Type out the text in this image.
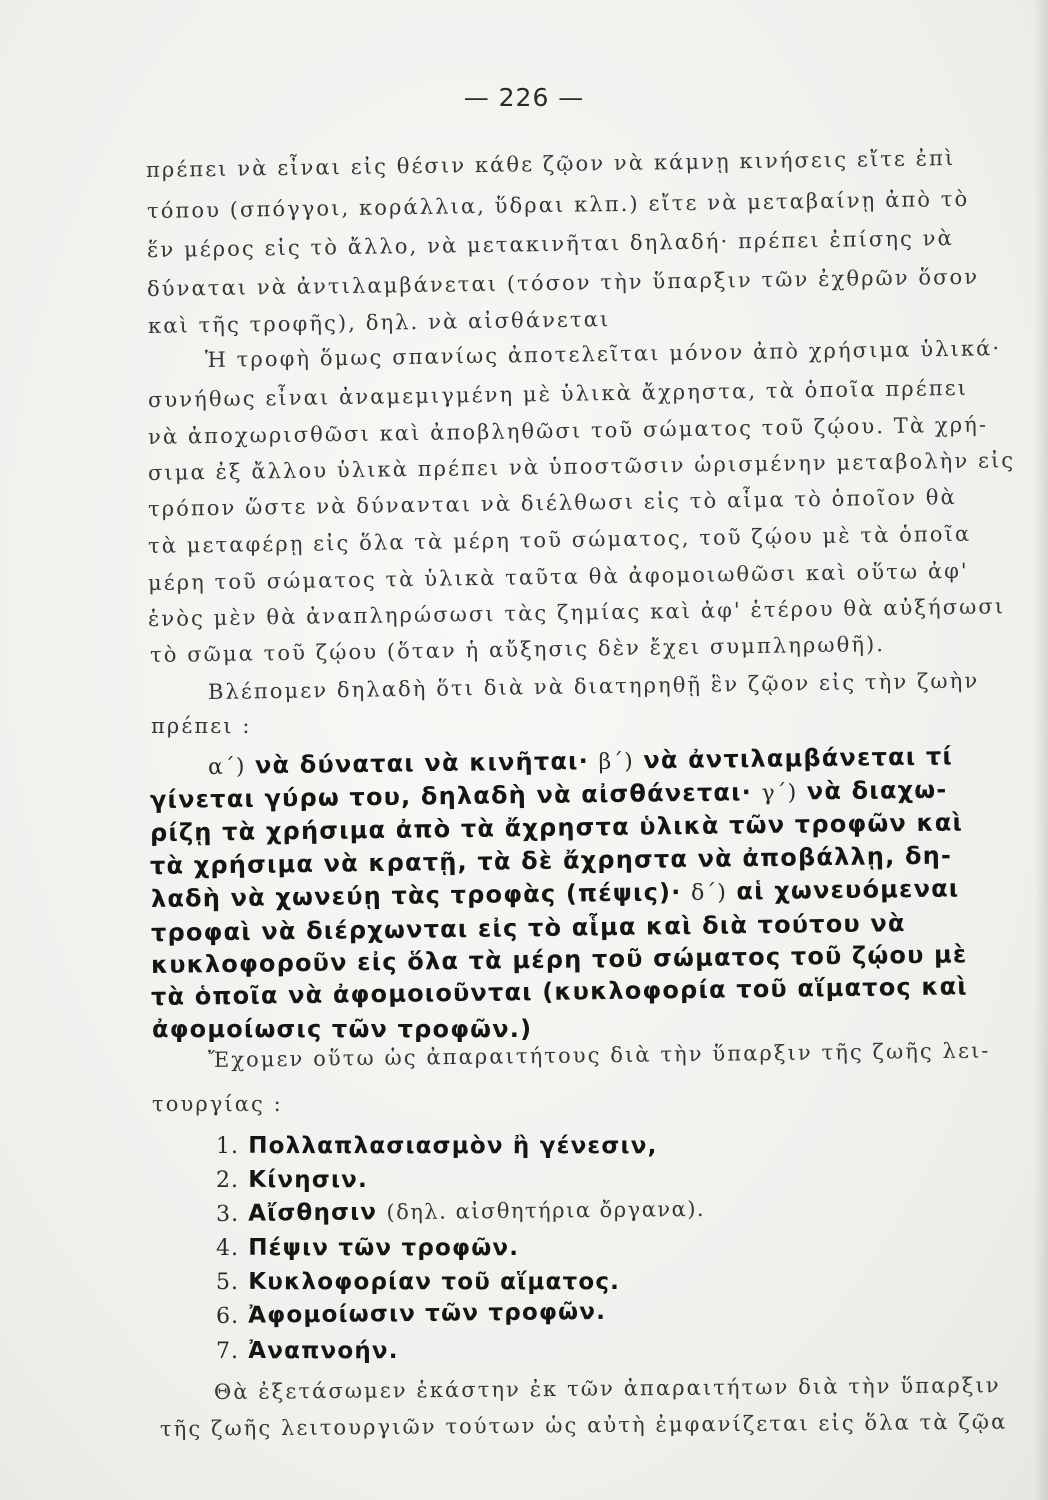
— 226 —
πρέπει νὰ εἶναι εἰς θέσιν κάθε ζῷον νὰ κάμνῃ κινήσεις εἴτε ἐπὶ
τόπου (σπόγγοι, κοράλλια, ὕδραι κλπ.) εἴτε νὰ μεταβαίνῃ ἀπὸ τὸ
ἕν μέρος εἰς τὸ ἄλλο, νὰ μετακινῆται δηλαδή· πρέπει ἐπίσης νὰ
δύναται νὰ ἀντιλαμβάνεται (τόσον τὴν ὕπαρξιν τῶν ἐχθρῶν ὅσον
καὶ τῆς τροφῆς), δηλ. νὰ αἰσθάνεται
Ἡ τροφὴ ὅμως σπανίως ἀποτελεῖται μόνον ἀπὸ χρήσιμα ὑλικά·
συνήθως εἶναι ἀναμεμιγμένη μὲ ὑλικὰ ἄχρηστα, τὰ ὁποῖα πρέπει
νὰ ἀποχωρισθῶσι καὶ ἀποβληθῶσι τοῦ σώματος τοῦ ζῴου. Τὰ χρή-
σιμα ἐξ ἄλλου ὑλικὰ πρέπει νὰ ὑποστῶσιν ὡρισμένην μεταβολὴν εἰς
τρόπον ὥστε νὰ δύνανται νὰ διέλθωσι εἰς τὸ αἷμα τὸ ὁποῖον θὰ
τὰ μεταφέρῃ εἰς ὅλα τὰ μέρη τοῦ σώματος, τοῦ ζῴου μὲ τὰ ὁποῖα
μέρη τοῦ σώματος τὰ ὑλικὰ ταῦτα θὰ ἀφομοιωθῶσι καὶ οὕτω ἀφ'
ἑνὸς μὲν θὰ ἀναπληρώσωσι τὰς ζημίας καὶ ἀφ' ἑτέρου θὰ αὐξήσωσι
τὸ σῶμα τοῦ ζῴου (ὅταν ἡ αὔξησις δὲν ἔχει συμπληρωθῆ).
Βλέπομεν δηλαδὴ ὅτι διὰ νὰ διατηρηθῇ ἓν ζῷον εἰς τὴν ζωὴν
πρέπει :
α΄) νὰ δύναται νὰ κινῆται· β΄) νὰ ἀντιλαμβάνεται τί
γίνεται γύρω του, δηλαδὴ νὰ αἰσθάνεται· γ΄) νὰ διαχω-
ρίζῃ τὰ χρήσιμα ἀπὸ τὰ ἄχρηστα ὑλικὰ τῶν τροφῶν καὶ
τὰ χρήσιμα νὰ κρατῇ, τὰ δὲ ἄχρηστα νὰ ἀποβάλλῃ, δη-
λαδὴ νὰ χωνεύῃ τὰς τροφὰς (πέψις)· δ΄) αἱ χωνευόμεναι
τροφαὶ νὰ διέρχωνται εἰς τὸ αἷμα καὶ διὰ τούτου νὰ
κυκλοφοροῦν εἰς ὅλα τὰ μέρη τοῦ σώματος τοῦ ζῴου μὲ
τὰ ὁποῖα νὰ ἀφομοιοῦνται (κυκλοφορία τοῦ αἵματος καὶ
ἀφομοίωσις τῶν τροφῶν.)
Ἔχομεν οὕτω ὡς ἀπαραιτήτους διὰ τὴν ὕπαρξιν τῆς ζωῆς λει-
τουργίας :
1. Πολλαπλασιασμὸν ἢ γένεσιν,
2. Κίνησιν.
3. Αἴσθησιν (δηλ. αἰσθητήρια ὄργανα).
4. Πέψιν τῶν τροφῶν.
5. Κυκλοφορίαν τοῦ αἵματος.
6. Ἀφομοίωσιν τῶν τροφῶν.
7. Ἀναπνοήν.
Θὰ ἐξετάσωμεν ἑκάστην ἐκ τῶν ἀπαραιτήτων διὰ τὴν ὕπαρξιν
τῆς ζωῆς λειτουργιῶν τούτων ὡς αὐτὴ ἐμφανίζεται εἰς ὅλα τὰ ζῷα
